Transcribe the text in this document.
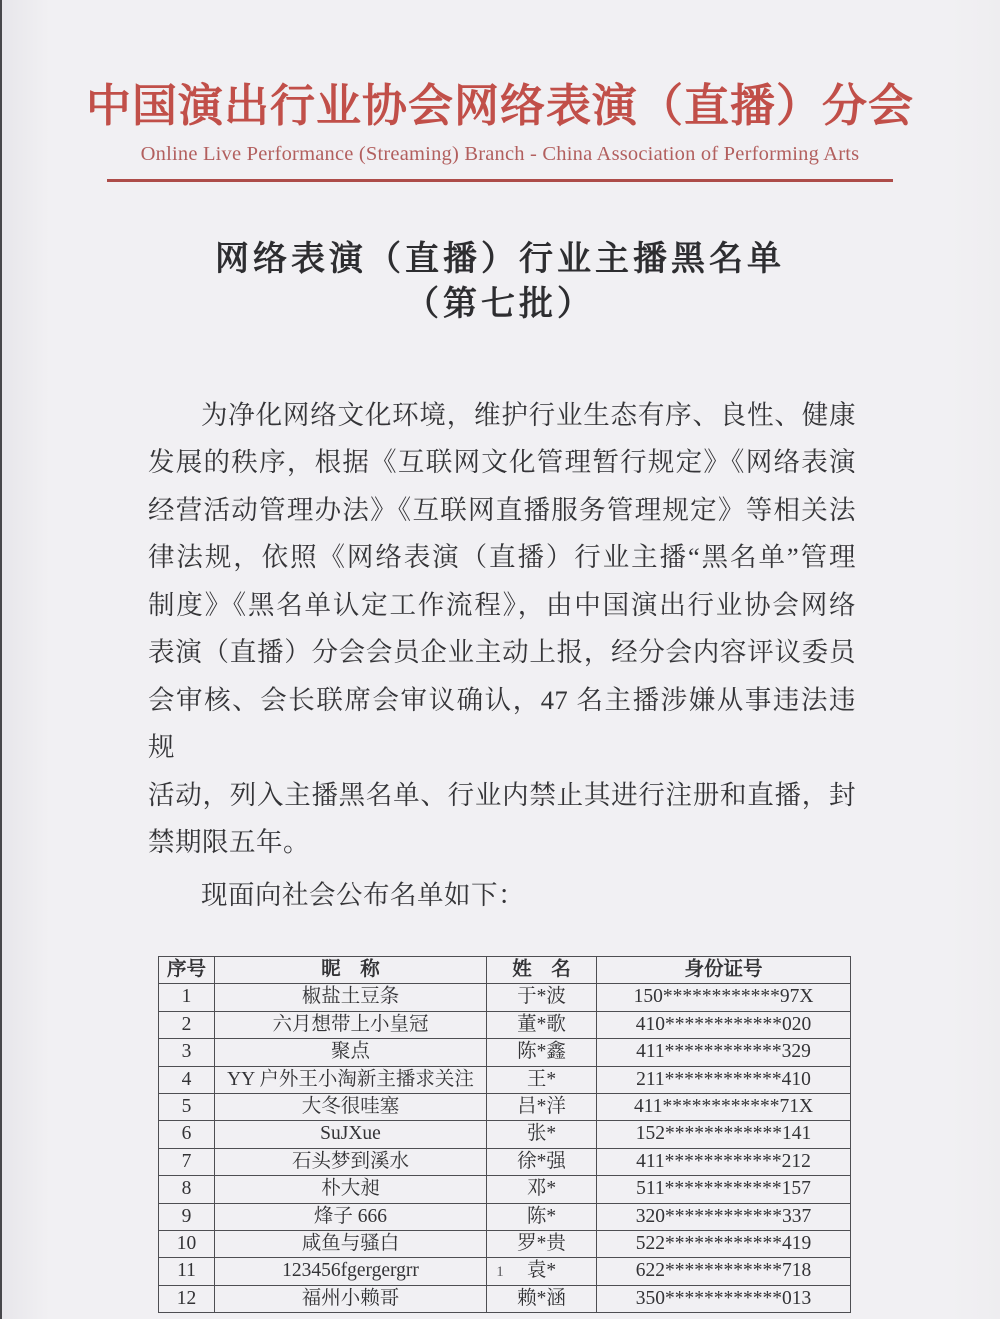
中国演出行业协会网络表演（直播）分会
Online Live Performance (Streaming) Branch - China Association of Performing Arts
网络表演（直播）行业主播黑名单
（第七批）
为净化网络文化环境，维护行业生态有序、良性、健康
发展的秩序，根据《互联网文化管理暂行规定》《网络表演
经营活动管理办法》《互联网直播服务管理规定》等相关法
律法规，依照《网络表演（直播）行业主播“黑名单”管理
制度》《黑名单认定工作流程》，由中国演出行业协会网络
表演（直播）分会会员企业主动上报，经分会内容评议委员
会审核、会长联席会审议确认，47 名主播涉嫌从事违法违规
活动，列入主播黑名单、行业内禁止其进行注册和直播，封
禁期限五年。
现面向社会公布名单如下：
序号	昵　称	姓　名	身份证号
1	椒盐土豆条	于*波	150************97X
2	六月想带上小皇冠	董*歌	410************020
3	聚点	陈*鑫	411************329
4	YY 户外王小淘新主播求关注	王*	211************410
5	大冬很哇塞	吕*洋	411************71X
6	SuJXue	张*	152************141
7	石头梦到溪水	徐*强	411************212
8	朴大昶	邓*	511************157
9	烽子 666	陈*	320************337
10	咸鱼与骚白	罗*贵	522************419
11	123456fgergergrr	袁*	622************718
12	福州小赖哥	赖*涵	350************013
1
